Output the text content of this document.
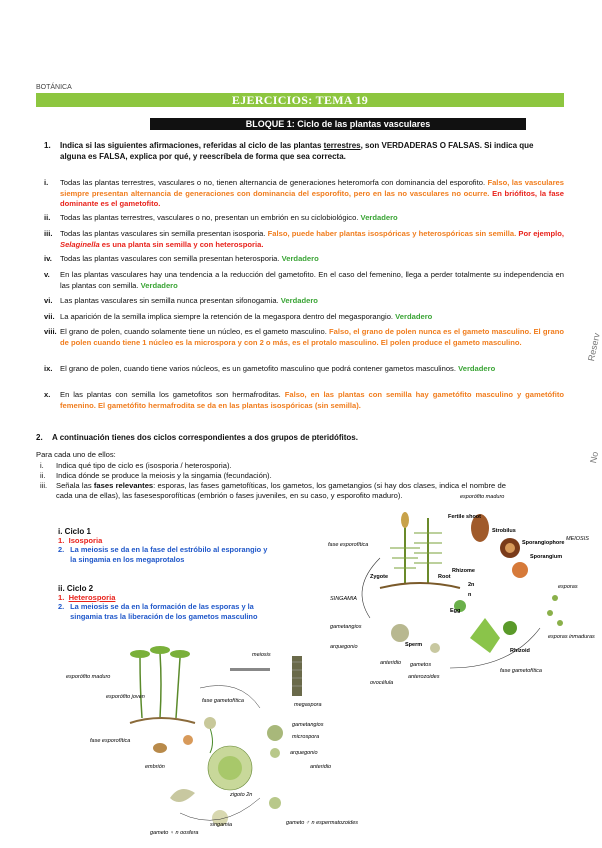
BOTÁNICA
EJERCICIOS: TEMA 19
BLOQUE 1: Ciclo de las plantas vasculares
1. Indica si las siguientes afirmaciones, referidas al ciclo de las plantas terrestres, son VERDADERAS O FALSAS. Si indica que alguna es FALSA, explica por qué, y reescríbela de forma que sea correcta.
i. Todas las plantas terrestres, vasculares o no, tienen alternancia de generaciones heteromorfa con dominancia del esporofito. Falso, las vasculares siempre presentan alternancia de generaciones con dominancia del esporofito, pero en las no vasculares no ocurre. En briófitos, la fase dominante es el gametofito.
ii. Todas las plantas terrestres, vasculares o no, presentan un embrión en su ciclobiológico. Verdadero
iii. Todas las plantas vasculares sin semilla presentan isosporia. Falso, puede haber plantas isospóricas y heterospóricas sin semilla. Por ejemplo, Selaginella es una planta sin semilla y con heterosporia.
iv. Todas las plantas vasculares con semilla presentan heterosporia. Verdadero
v. En las plantas vasculares hay una tendencia a la reducción del gametofito. En el caso del femenino, llega a perder totalmente su independencia en las plantas con semilla. Verdadero
vi. Las plantas vasculares sin semilla nunca presentan sifonogamia. Verdadero
vii. La aparición de la semilla implica siempre la retención de la megaspora dentro del megasporangio. Verdadero
viii. El grano de polen, cuando solamente tiene un núcleo, es el gameto masculino. Falso, el grano de polen nunca es el gameto masculino. El grano de polen cuando tiene 1 núcleo es la microspora y con 2 o más, es el protalo masculino. El polen produce el gameto masculino.
ix. El grano de polen, cuando tiene varios núcleos, es un gametofito masculino que podrá contener gametos masculinos. Verdadero
x. En las plantas con semilla los gametofitos son hermafroditas. Falso, en las plantas con semilla hay gametófito masculino y gametófito femenino. El gametófito hermafrodita se da en las plantas isospóricas (sin semilla).
2. A continuación tienes dos ciclos correspondientes a dos grupos de pteridófitos.
Para cada uno de ellos:
i. Indica qué tipo de ciclo es (isosporia / heterosporia).
ii. Indica dónde se produce la meiosis y la singamia (fecundación).
iii. Señala las fases relevantes: esporas, las fases gametofíticas, los gametos, los gametangios (si hay dos clases, indica el nombre de cada una de ellas), las fasesesporofíticas (embrión o fases juveniles, en su caso, y esporofito maduro).
i. Ciclo 1
1. Isosporia
2. La meiosis se da en la fase del estróbilo al esporangio y la singamia en los megaprotalos
ii. Ciclo 2
1. Heterosporia
2. La meiosis se da en la formación de las esporas y la singamia tras la liberación de los gametos masculino
esporófito maduro
Fertile shoot
Strobilus
Sporangiophore
MEIOSIS
Sporangium
fase esporofítica
Zygote	Root
Rhizome
2n
n
SINGAMIA
Egg
esporas
Sperm
Rhizoid
esporas inmaduras
fase gametofítica
gametangios
arquegonio
anteridio gametos
anterozoides
ovocélula
esporófito maduro
esporófito joven
fase esporofítica
meiosis
embrión
fase gametofítica
gametangios
megaspora
microspora
arquegonio
anteridio
gameto ♀ n oosfera
gameto ♂ n espermatozoides
zigoto 2n
singamia
Reserv
No
